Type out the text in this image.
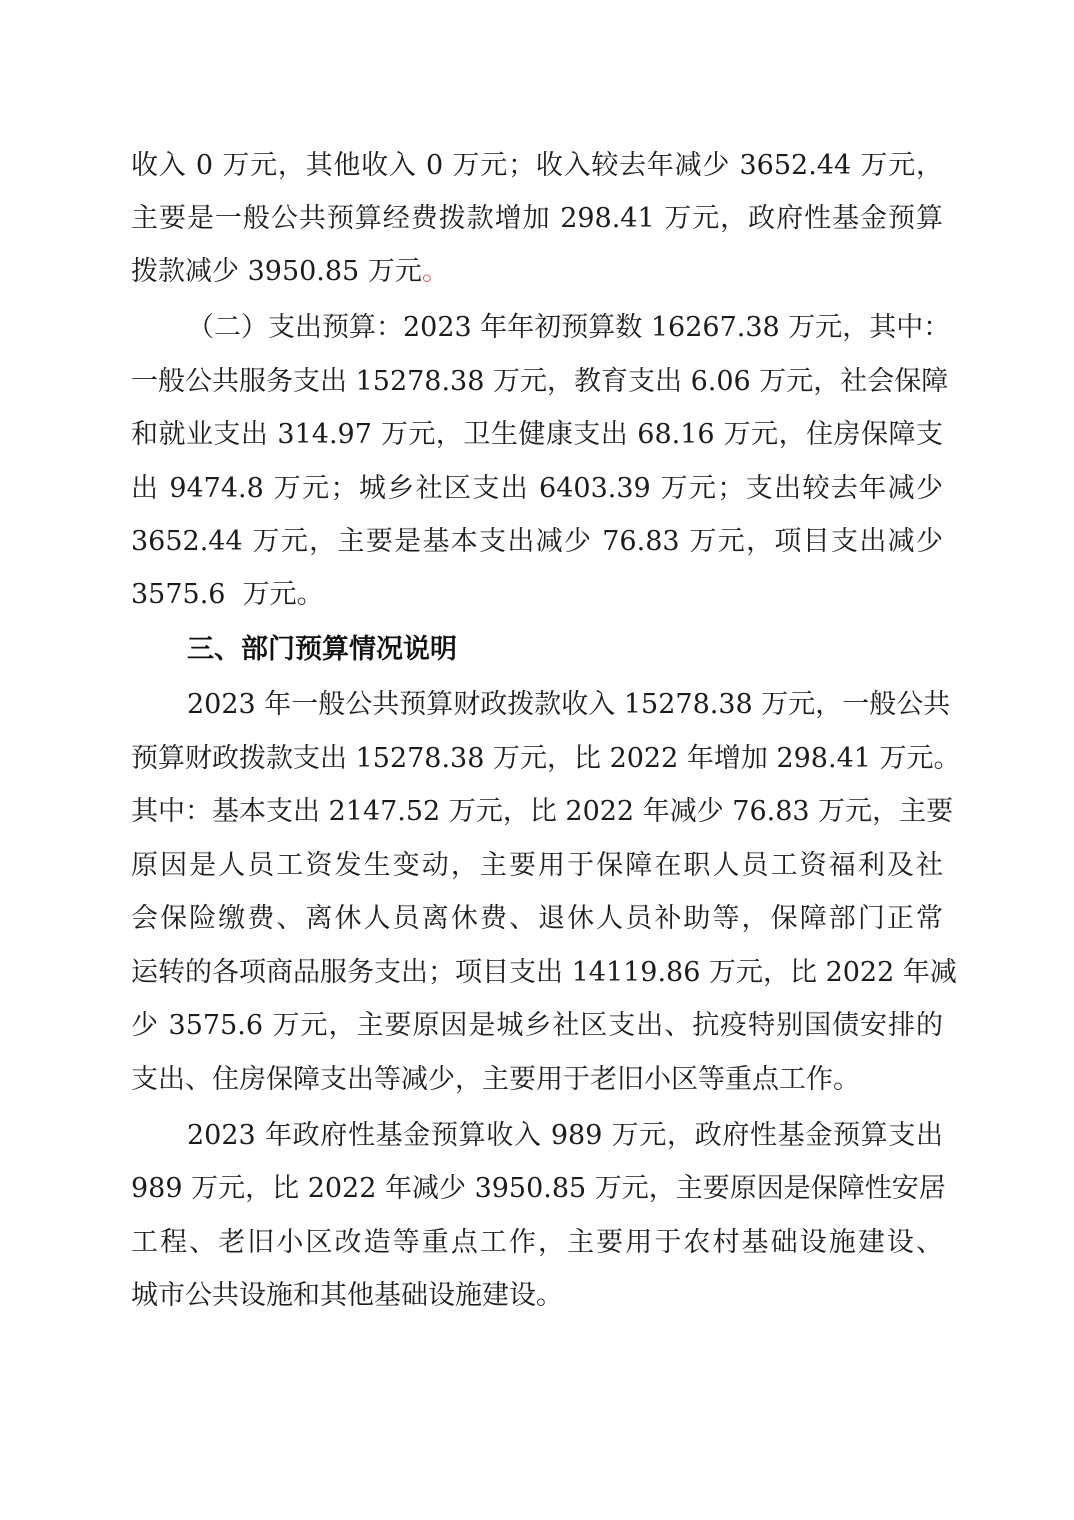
收入 0 万元，其他收入 0 万元；收入较去年减少 3652.44 万元，
主要是一般公共预算经费拨款增加 298.41 万元，政府性基金预算
拨款减少 3950.85 万元。
（二）支出预算：2023 年年初预算数 16267.38 万元，其中：
一般公共服务支出 15278.38 万元，教育支出 6.06 万元，社会保障
和就业支出 314.97 万元，卫生健康支出 68.16 万元，住房保障支
出 9474.8 万元；城乡社区支出 6403.39 万元；支出较去年减少
3652.44 万元，主要是基本支出减少 76.83 万元，项目支出减少
3575.6  万元。
三、部门预算情况说明
2023 年一般公共预算财政拨款收入 15278.38 万元，一般公共
预算财政拨款支出 15278.38 万元，比 2022 年增加 298.41 万元。
其中：基本支出 2147.52 万元，比 2022 年减少 76.83 万元，主要
原因是人员工资发生变动，主要用于保障在职人员工资福利及社
会保险缴费、离休人员离休费、退休人员补助等，保障部门正常
运转的各项商品服务支出；项目支出 14119.86 万元，比 2022 年减
少 3575.6 万元，主要原因是城乡社区支出、抗疫特别国债安排的
支出、住房保障支出等减少，主要用于老旧小区等重点工作。
2023 年政府性基金预算收入 989 万元，政府性基金预算支出
989 万元，比 2022 年减少 3950.85 万元，主要原因是保障性安居
工程、老旧小区改造等重点工作，主要用于农村基础设施建设、
城市公共设施和其他基础设施建设。
